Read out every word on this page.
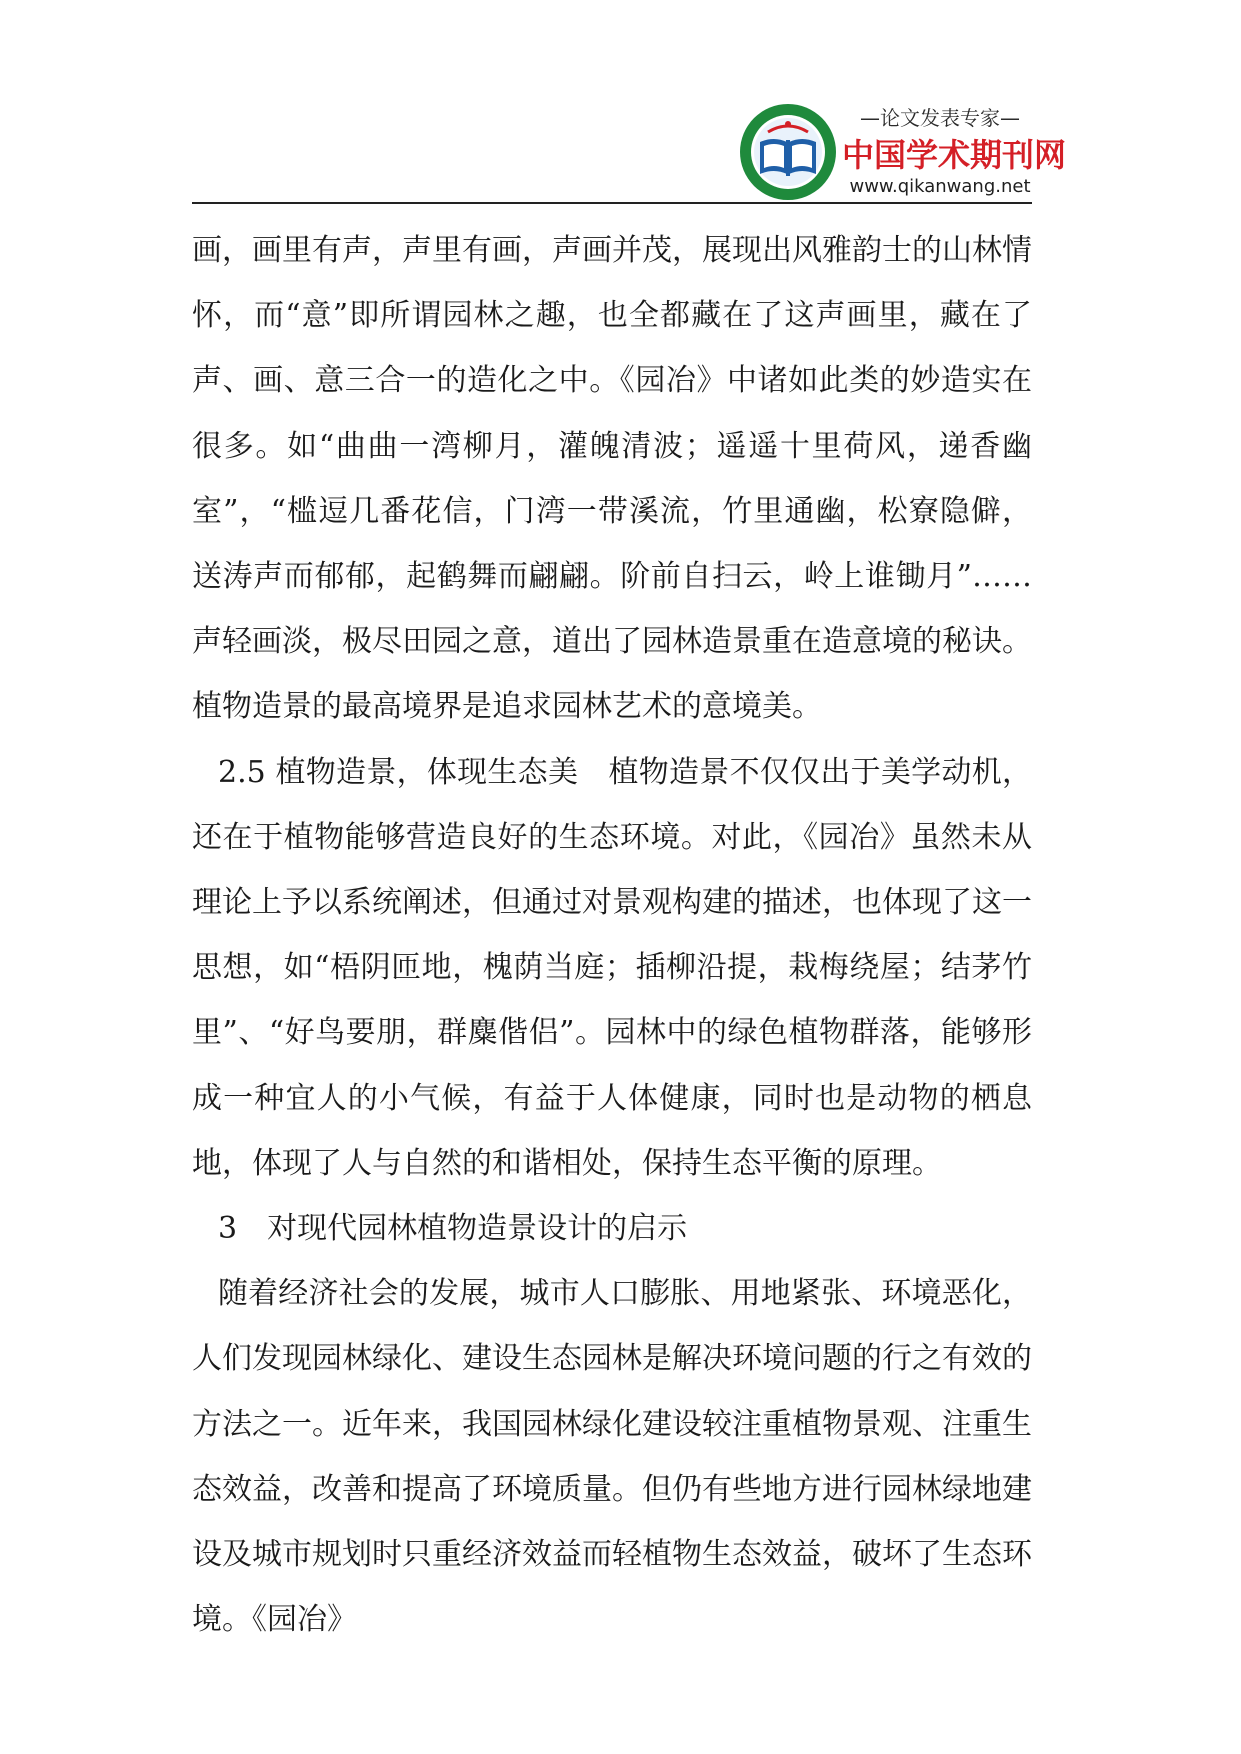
—论文发表专家—
中国学术期刊网
www.qikanwang.net

画，画里有声，声里有画，声画并茂，展现出风雅韵士的山林情怀，而“意”即所谓园林之趣，也全都藏在了这声画里，藏在了声、画、意三合一的造化之中。《园冶》中诸如此类的妙造实在很多。如“曲曲一湾柳月，灌魄清波；遥遥十里荷风，递香幽室”，“槛逗几番花信，门湾一带溪流，竹里通幽，松寮隐僻，送涛声而郁郁，起鹤舞而翩翩。阶前自扫云，岭上谁锄月”……声轻画淡，极尽田园之意，道出了园林造景重在造意境的秘诀。植物造景的最高境界是追求园林艺术的意境美。

2.5 植物造景，体现生态美　植物造景不仅仅出于美学动机，还在于植物能够营造良好的生态环境。对此，《园冶》虽然未从理论上予以系统阐述，但通过对景观构建的描述，也体现了这一思想，如“梧阴匝地，槐荫当庭；插柳沿提，栽梅绕屋；结茅竹里”、“好鸟要朋，群麋偕侣”。园林中的绿色植物群落，能够形成一种宜人的小气候，有益于人体健康，同时也是动物的栖息地，体现了人与自然的和谐相处，保持生态平衡的原理。

3　对现代园林植物造景设计的启示

随着经济社会的发展，城市人口膨胀、用地紧张、环境恶化，人们发现园林绿化、建设生态园林是解决环境问题的行之有效的方法之一。近年来，我国园林绿化建设较注重植物景观、注重生态效益，改善和提高了环境质量。但仍有些地方进行园林绿地建设及城市规划时只重经济效益而轻植物生态效益，破坏了生态环境。《园冶》
